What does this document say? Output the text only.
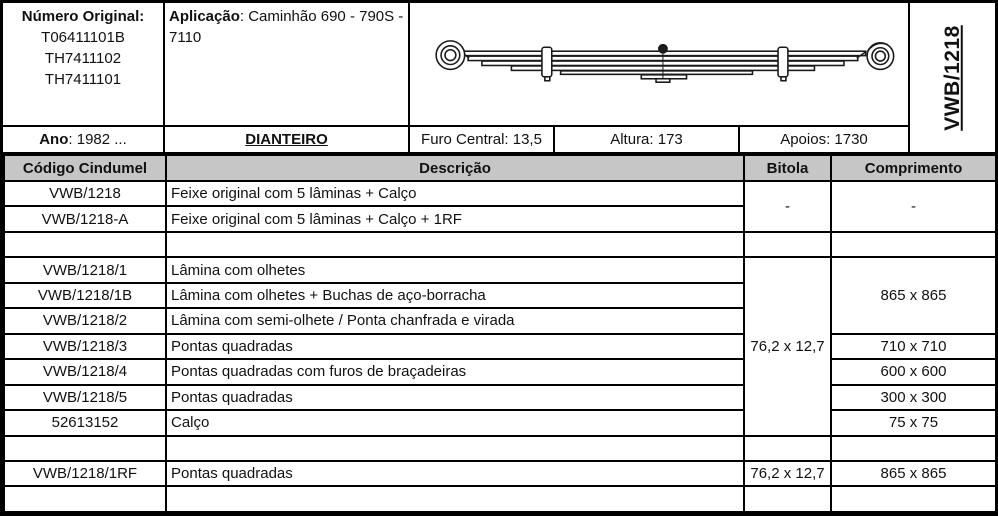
Número Original:
T06411101B
TH7411102
TH7411101
Aplicação: Caminhão 690 - 790S - 7110	VWB/1218
Ano: 1982 ...	DIANTEIRO	Furo Central: 13,5	Altura: 173	Apoios: 1730
Código Cindumel	Descrição	Bitola	Comprimento
VWB/1218	Feixe original com 5 lâminas + Calço	-	-
VWB/1218-A	Feixe original com 5 lâminas + Calço + 1RF		

VWB/1218/1	Lâmina com olhetes	76,2 x 12,7	865 x 865
VWB/1218/1B	Lâmina com olhetes + Buchas de aço-borracha		
VWB/1218/2	Lâmina com semi-olhete / Ponta chanfrada e virada		
VWB/1218/3	Pontas quadradas		710 x 710
VWB/1218/4	Pontas quadradas com furos de braçadeiras		600 x 600
VWB/1218/5	Pontas quadradas		300 x 300
52613152	Calço		75 x 75

VWB/1218/1RF	Pontas quadradas	76,2 x 12,7	865 x 865
